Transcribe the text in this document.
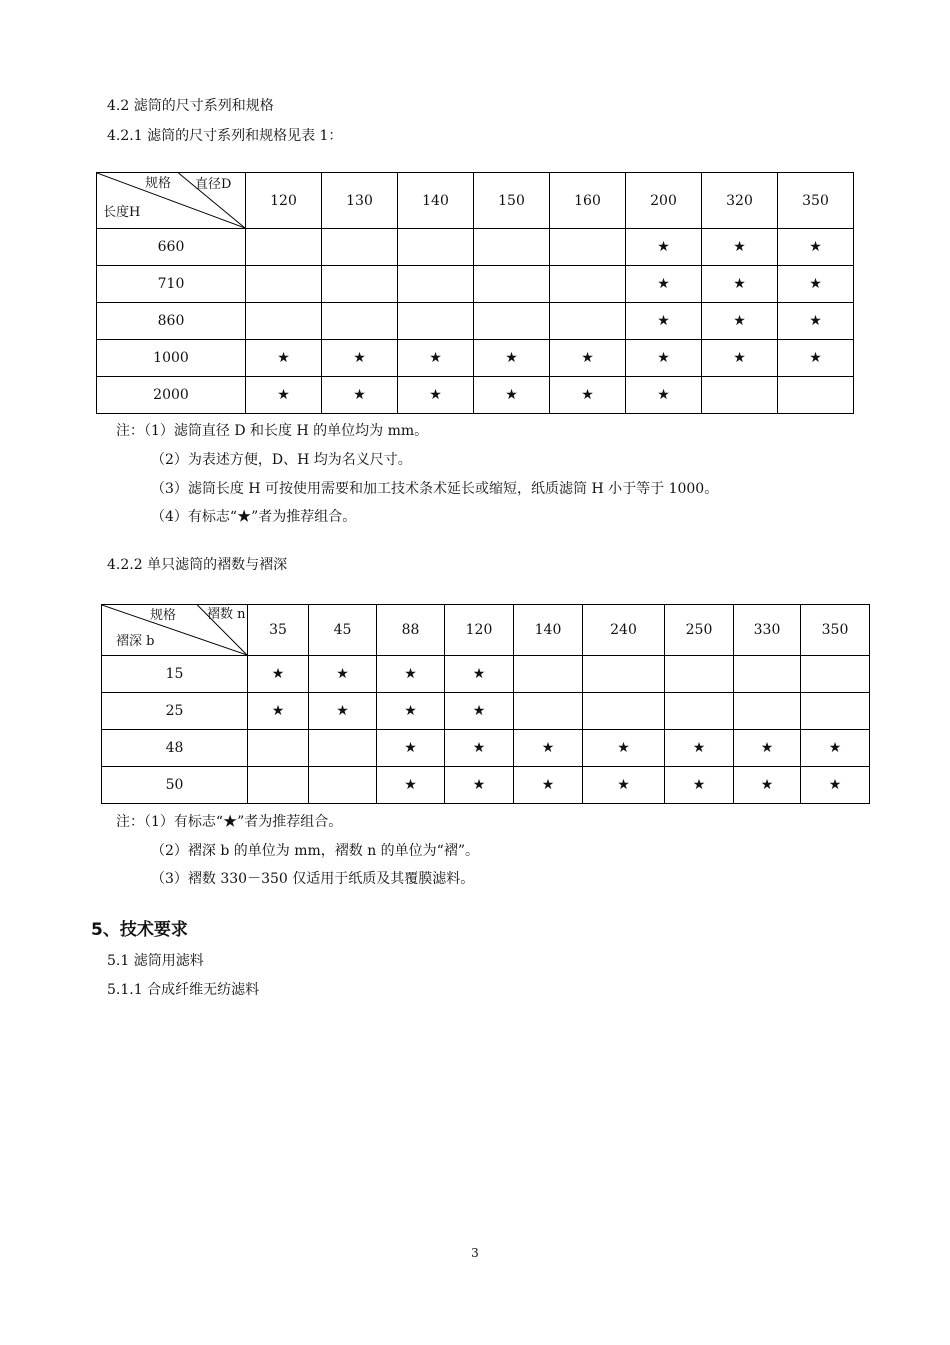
4.2 滤筒的尺寸系列和规格
4.2.1 滤筒的尺寸系列和规格见表 1：
规格 直径D
长度H	120	130	140	150	160	200	320	350
660						★	★	★
710						★	★	★
860						★	★	★
1000	★	★	★	★	★	★	★	★
2000	★	★	★	★	★	★		
注：（1）滤筒直径 D 和长度 H 的单位均为 mm。
（2）为表述方便，D、H 均为名义尺寸。
（3）滤筒长度 H 可按使用需要和加工技术条术延长或缩短，纸质滤筒 H 小于等于 1000。
（4）有标志“★”者为推荐组合。
4.2.2 单只滤筒的褶数与褶深
规格 褶数 n
褶深 b	35	45	88	120	140	240	250	330	350
15	★	★	★	★					
25	★	★	★	★					
48			★	★	★	★	★	★	★
50			★	★	★	★	★	★	★
注：（1）有标志“★”者为推荐组合。
（2）褶深 b 的单位为 mm，褶数 n 的单位为“褶”。
（3）褶数 330－350 仅适用于纸质及其覆膜滤料。
5、技术要求
5.1 滤筒用滤料
5.1.1 合成纤维无纺滤料
3
